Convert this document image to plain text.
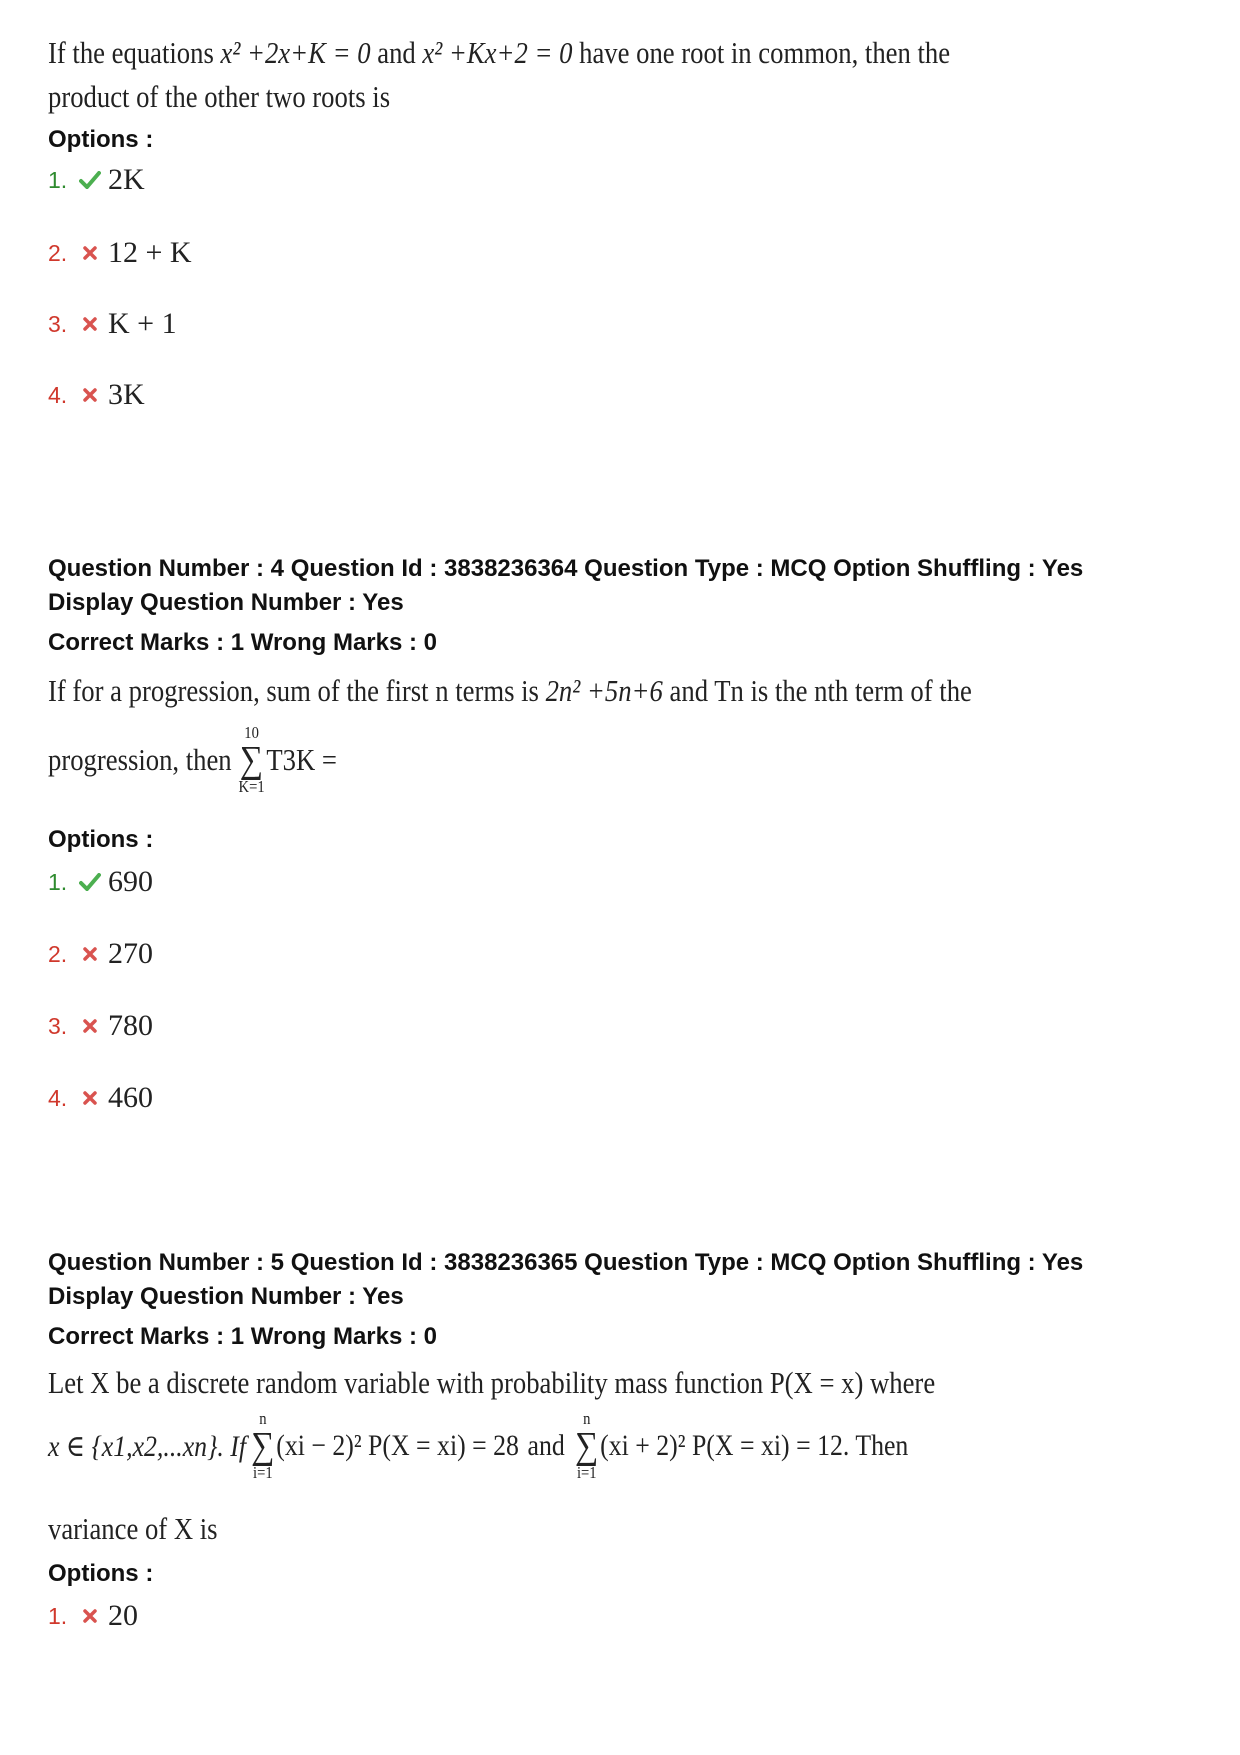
If the equations x² +2x+K = 0 and x² +Kx+2 = 0 have one root in common, then the
product of the other two roots is
Options :
1.	2K
2.	12 + K
3.	K + 1
4.	3K
Question Number : 4 Question Id : 3838236364 Question Type : MCQ Option Shuffling : Yes
Display Question Number : Yes
Correct Marks : 1 Wrong Marks : 0
If for a progression, sum of the first n terms is 2n² +5n+6 and Tn is the nth term of the
progression, then
10
∑
K=1
T3K =
Options :
1.	690
2.	270
3.	780
4.	460
Question Number : 5 Question Id : 3838236365 Question Type : MCQ Option Shuffling : Yes
Display Question Number : Yes
Correct Marks : 1 Wrong Marks : 0
Let X be a discrete random variable with probability mass function P(X = x) where
x ∈ {x1,x2,...xn}. If
n
∑
i=1
(xi − 2)² P(X = xi) = 28 and
n
∑
i=1
(xi + 2)² P(X = xi) = 12. Then
variance of X is
Options :
1.	20
